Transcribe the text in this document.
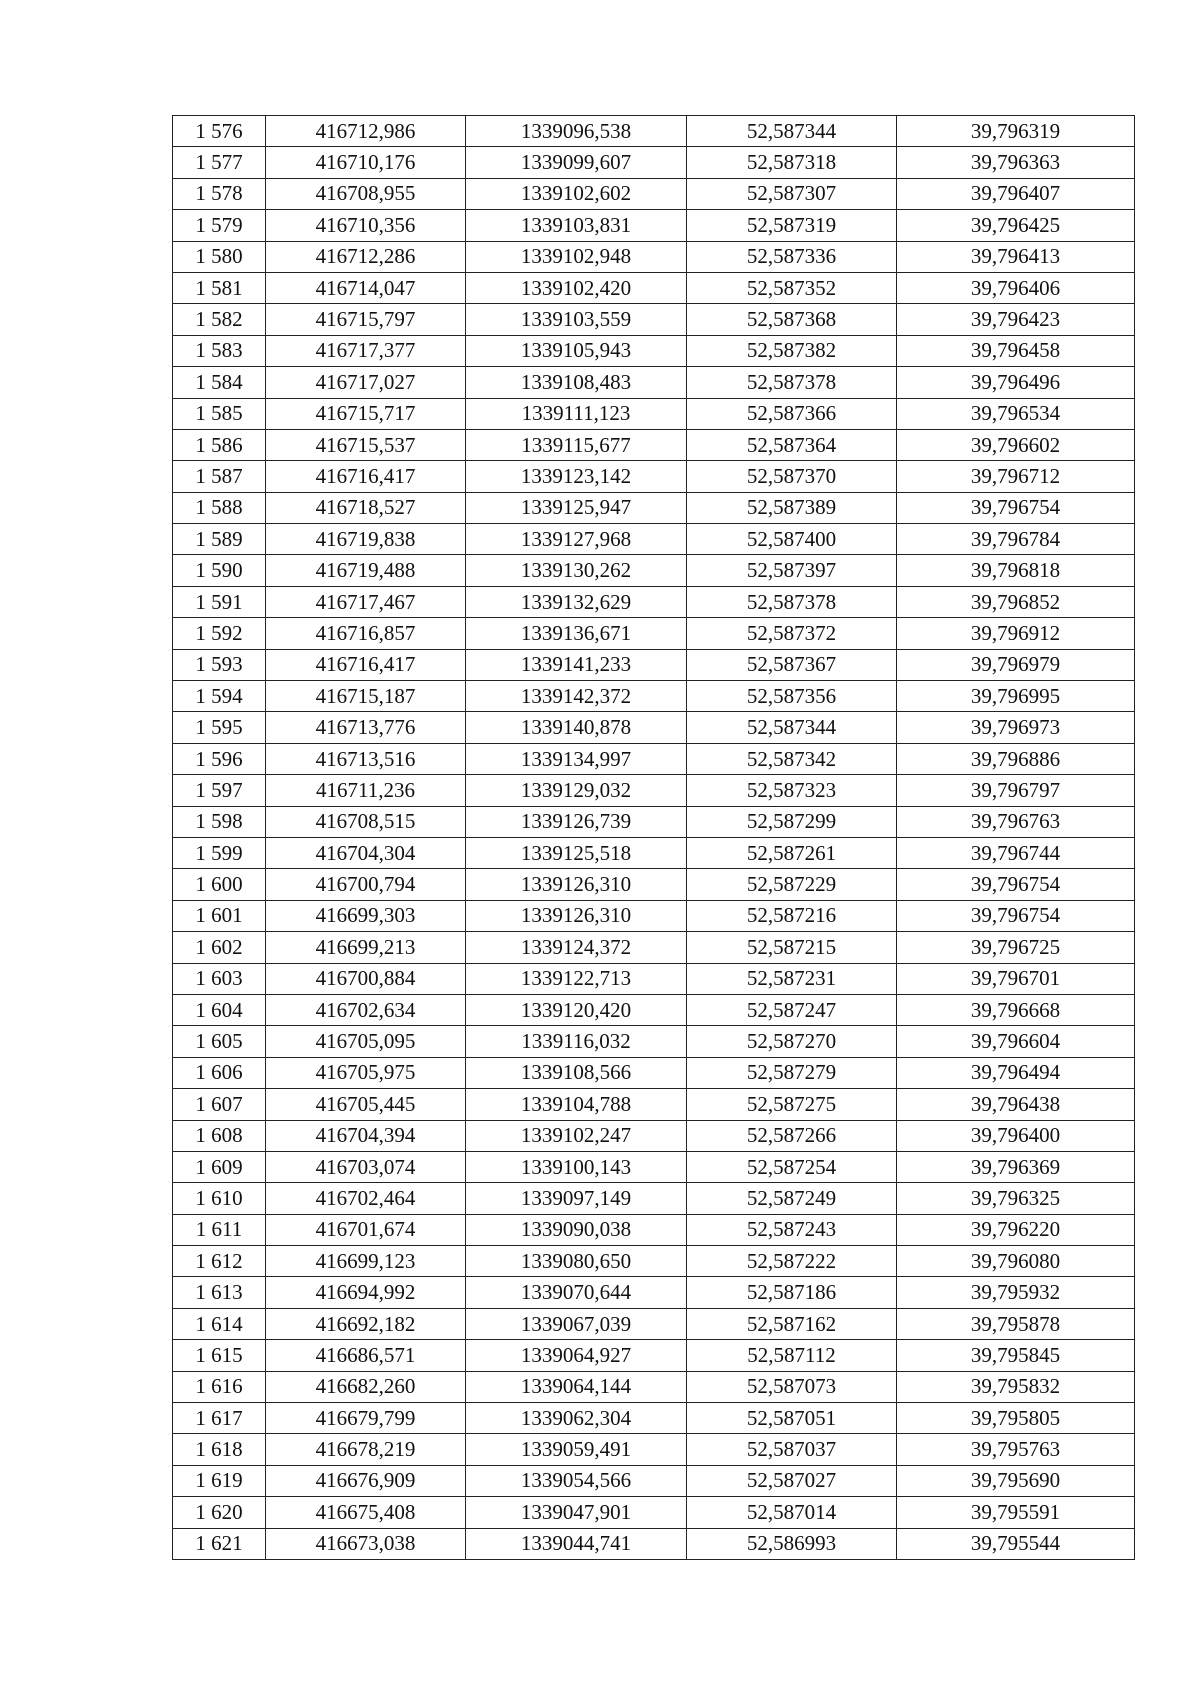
1 576	416712,986	1339096,538	52,587344	39,796319
1 577	416710,176	1339099,607	52,587318	39,796363
1 578	416708,955	1339102,602	52,587307	39,796407
1 579	416710,356	1339103,831	52,587319	39,796425
1 580	416712,286	1339102,948	52,587336	39,796413
1 581	416714,047	1339102,420	52,587352	39,796406
1 582	416715,797	1339103,559	52,587368	39,796423
1 583	416717,377	1339105,943	52,587382	39,796458
1 584	416717,027	1339108,483	52,587378	39,796496
1 585	416715,717	1339111,123	52,587366	39,796534
1 586	416715,537	1339115,677	52,587364	39,796602
1 587	416716,417	1339123,142	52,587370	39,796712
1 588	416718,527	1339125,947	52,587389	39,796754
1 589	416719,838	1339127,968	52,587400	39,796784
1 590	416719,488	1339130,262	52,587397	39,796818
1 591	416717,467	1339132,629	52,587378	39,796852
1 592	416716,857	1339136,671	52,587372	39,796912
1 593	416716,417	1339141,233	52,587367	39,796979
1 594	416715,187	1339142,372	52,587356	39,796995
1 595	416713,776	1339140,878	52,587344	39,796973
1 596	416713,516	1339134,997	52,587342	39,796886
1 597	416711,236	1339129,032	52,587323	39,796797
1 598	416708,515	1339126,739	52,587299	39,796763
1 599	416704,304	1339125,518	52,587261	39,796744
1 600	416700,794	1339126,310	52,587229	39,796754
1 601	416699,303	1339126,310	52,587216	39,796754
1 602	416699,213	1339124,372	52,587215	39,796725
1 603	416700,884	1339122,713	52,587231	39,796701
1 604	416702,634	1339120,420	52,587247	39,796668
1 605	416705,095	1339116,032	52,587270	39,796604
1 606	416705,975	1339108,566	52,587279	39,796494
1 607	416705,445	1339104,788	52,587275	39,796438
1 608	416704,394	1339102,247	52,587266	39,796400
1 609	416703,074	1339100,143	52,587254	39,796369
1 610	416702,464	1339097,149	52,587249	39,796325
1 611	416701,674	1339090,038	52,587243	39,796220
1 612	416699,123	1339080,650	52,587222	39,796080
1 613	416694,992	1339070,644	52,587186	39,795932
1 614	416692,182	1339067,039	52,587162	39,795878
1 615	416686,571	1339064,927	52,587112	39,795845
1 616	416682,260	1339064,144	52,587073	39,795832
1 617	416679,799	1339062,304	52,587051	39,795805
1 618	416678,219	1339059,491	52,587037	39,795763
1 619	416676,909	1339054,566	52,587027	39,795690
1 620	416675,408	1339047,901	52,587014	39,795591
1 621	416673,038	1339044,741	52,586993	39,795544
